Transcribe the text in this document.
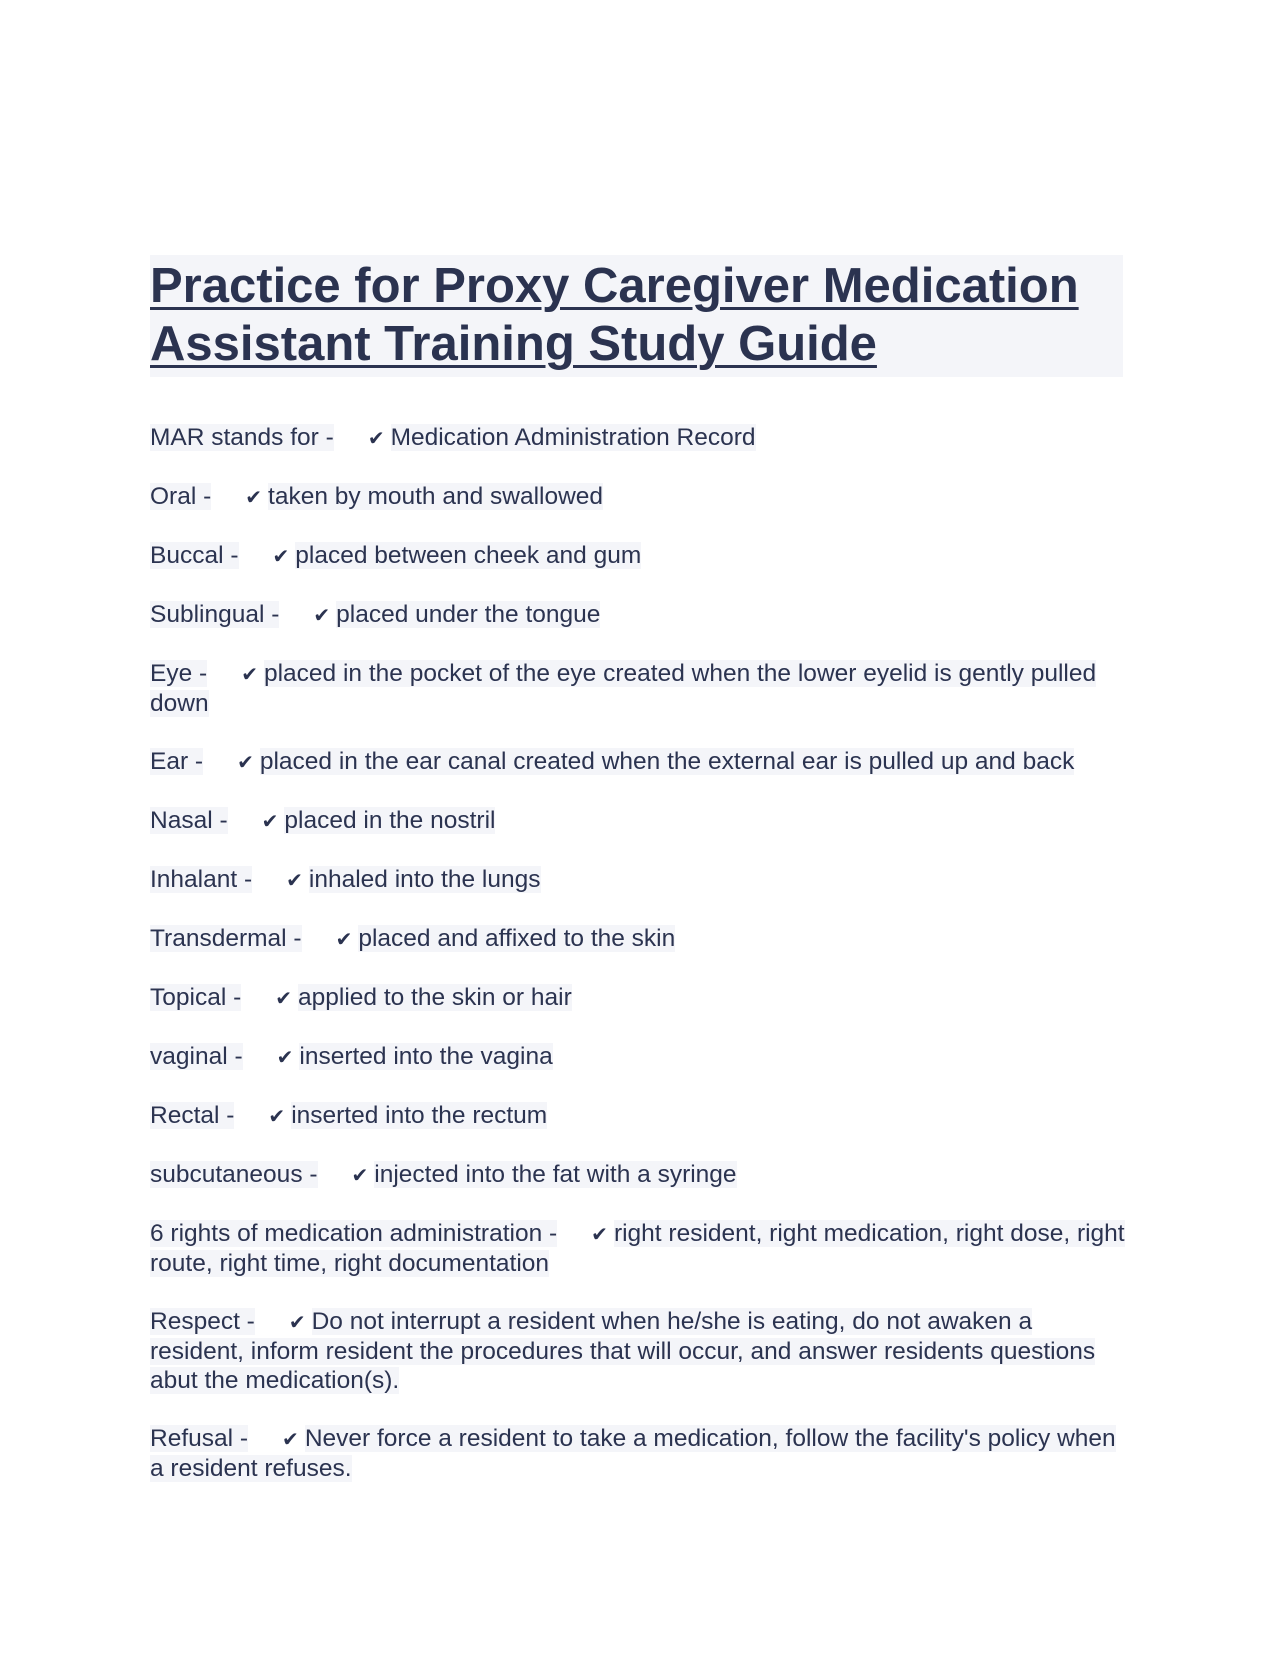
Practice for Proxy Caregiver Medication Assistant Training Study Guide
MAR stands for - ✔ Medication Administration Record
Oral - ✔ taken by mouth and swallowed
Buccal - ✔ placed between cheek and gum
Sublingual - ✔ placed under the tongue
Eye - ✔ placed in the pocket of the eye created when the lower eyelid is gently pulled down
Ear - ✔ placed in the ear canal created when the external ear is pulled up and back
Nasal - ✔ placed in the nostril
Inhalant - ✔ inhaled into the lungs
Transdermal - ✔ placed and affixed to the skin
Topical - ✔ applied to the skin or hair
vaginal - ✔ inserted into the vagina
Rectal - ✔ inserted into the rectum
subcutaneous - ✔ injected into the fat with a syringe
6 rights of medication administration - ✔ right resident, right medication, right dose, right route, right time, right documentation
Respect - ✔ Do not interrupt a resident when he/she is eating, do not awaken a resident, inform resident the procedures that will occur, and answer residents questions abut the medication(s).
Refusal - ✔ Never force a resident to take a medication, follow the facility's policy when a resident refuses.
